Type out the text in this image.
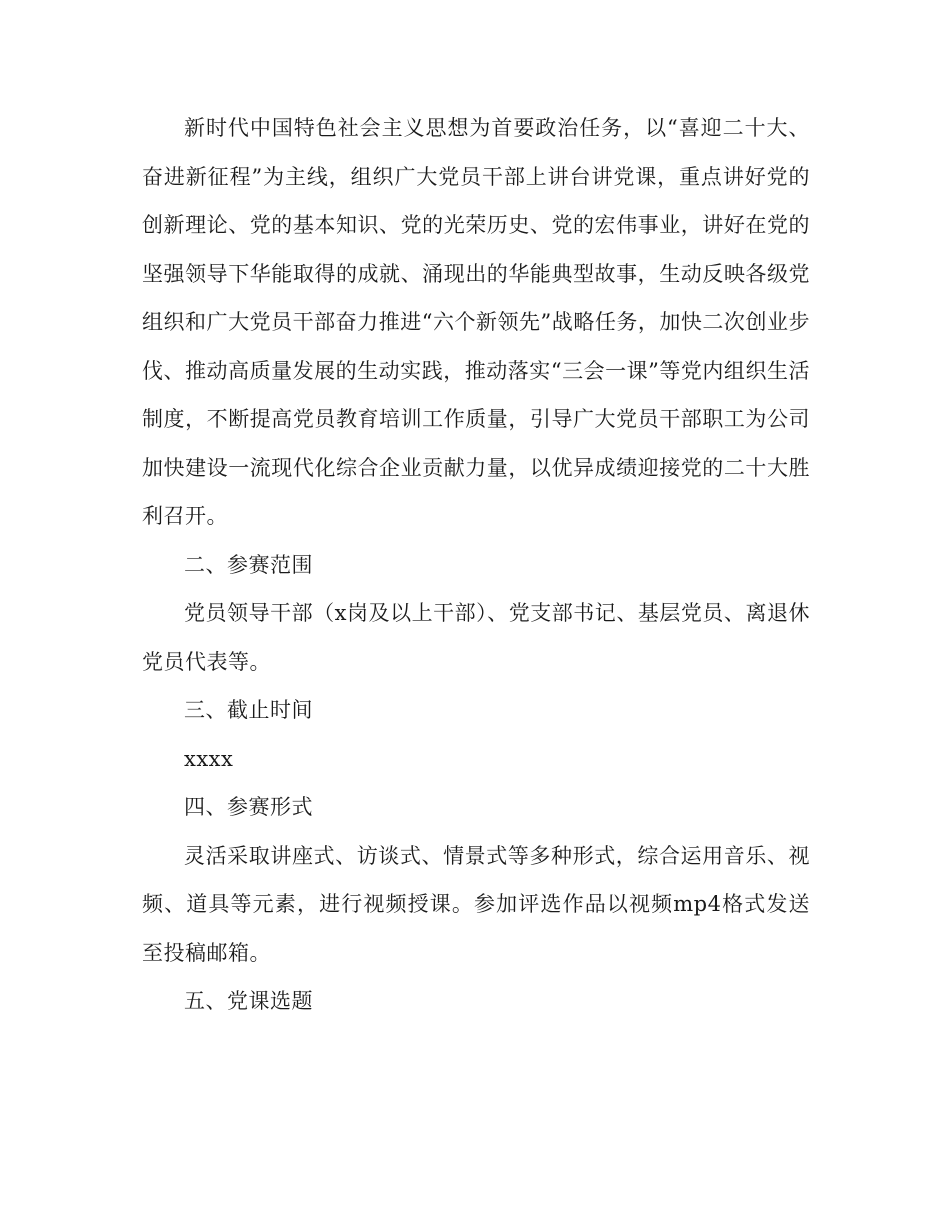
新时代中国特色社会主义思想为首要政治任务，以“喜迎二十大、奋进新征程”为主线，组织广大党员干部上讲台讲党课，重点讲好党的创新理论、党的基本知识、党的光荣历史、党的宏伟事业，讲好在党的坚强领导下华能取得的成就、涌现出的华能典型故事，生动反映各级党组织和广大党员干部奋力推进“六个新领先”战略任务，加快二次创业步伐、推动高质量发展的生动实践，推动落实“三会一课”等党内组织生活制度，不断提高党员教育培训工作质量，引导广大党员干部职工为公司加快建设一流现代化综合企业贡献力量，以优异成绩迎接党的二十大胜利召开。

二、参赛范围

党员领导干部（x岗及以上干部）、党支部书记、基层党员、离退休党员代表等。

三、截止时间

xxxx

四、参赛形式

灵活采取讲座式、访谈式、情景式等多种形式，综合运用音乐、视频、道具等元素，进行视频授课。参加评选作品以视频mp4格式发送至投稿邮箱。

五、党课选题
